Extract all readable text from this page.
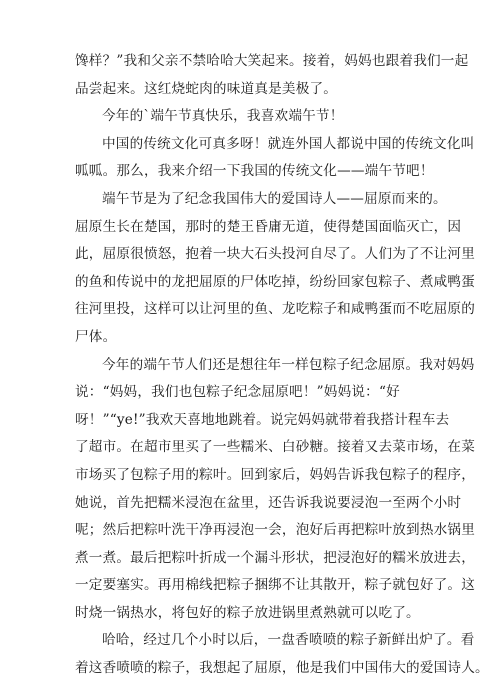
馋样？”我和父亲不禁哈哈大笑起来。接着，妈妈也跟着我们一起
品尝起来。这红烧蛇肉的味道真是美极了。

今年的`端午节真快乐，我喜欢端午节！

中国的传统文化可真多呀！就连外国人都说中国的传统文化叫
呱呱。那么，我来介绍一下我国的传统文化——端午节吧！

端午节是为了纪念我国伟大的爱国诗人——屈原而来的。
屈原生长在楚国，那时的楚王昏庸无道，使得楚国面临灭亡，因
此，屈原很愤怒，抱着一块大石头投河自尽了。人们为了不让河里
的鱼和传说中的龙把屈原的尸体吃掉，纷纷回家包粽子、煮咸鸭蛋
往河里投，这样可以让河里的鱼、龙吃粽子和咸鸭蛋而不吃屈原的
尸体。

今年的端午节人们还是想往年一样包粽子纪念屈原。我对妈妈
说：“妈妈，我们也包粽子纪念屈原吧！”妈妈说：“好
呀！”“ye!”我欢天喜地地跳着。说完妈妈就带着我搭计程车去
了超市。在超市里买了一些糯米、白砂糖。接着又去菜市场，在菜
市场买了包粽子用的粽叶。回到家后，妈妈告诉我包粽子的程序，
她说，首先把糯米浸泡在盆里，还告诉我说要浸泡一至两个小时
呢；然后把粽叶洗干净再浸泡一会，泡好后再把粽叶放到热水锅里
煮一煮。最后把粽叶折成一个漏斗形状，把浸泡好的糯米放进去，
一定要塞实。再用棉线把粽子捆绑不让其散开，粽子就包好了。这
时烧一锅热水，将包好的粽子放进锅里煮熟就可以吃了。

哈哈，经过几个小时以后，一盘香喷喷的粽子新鲜出炉了。看
着这香喷喷的粽子，我想起了屈原，他是我们中国伟大的爱国诗人。
